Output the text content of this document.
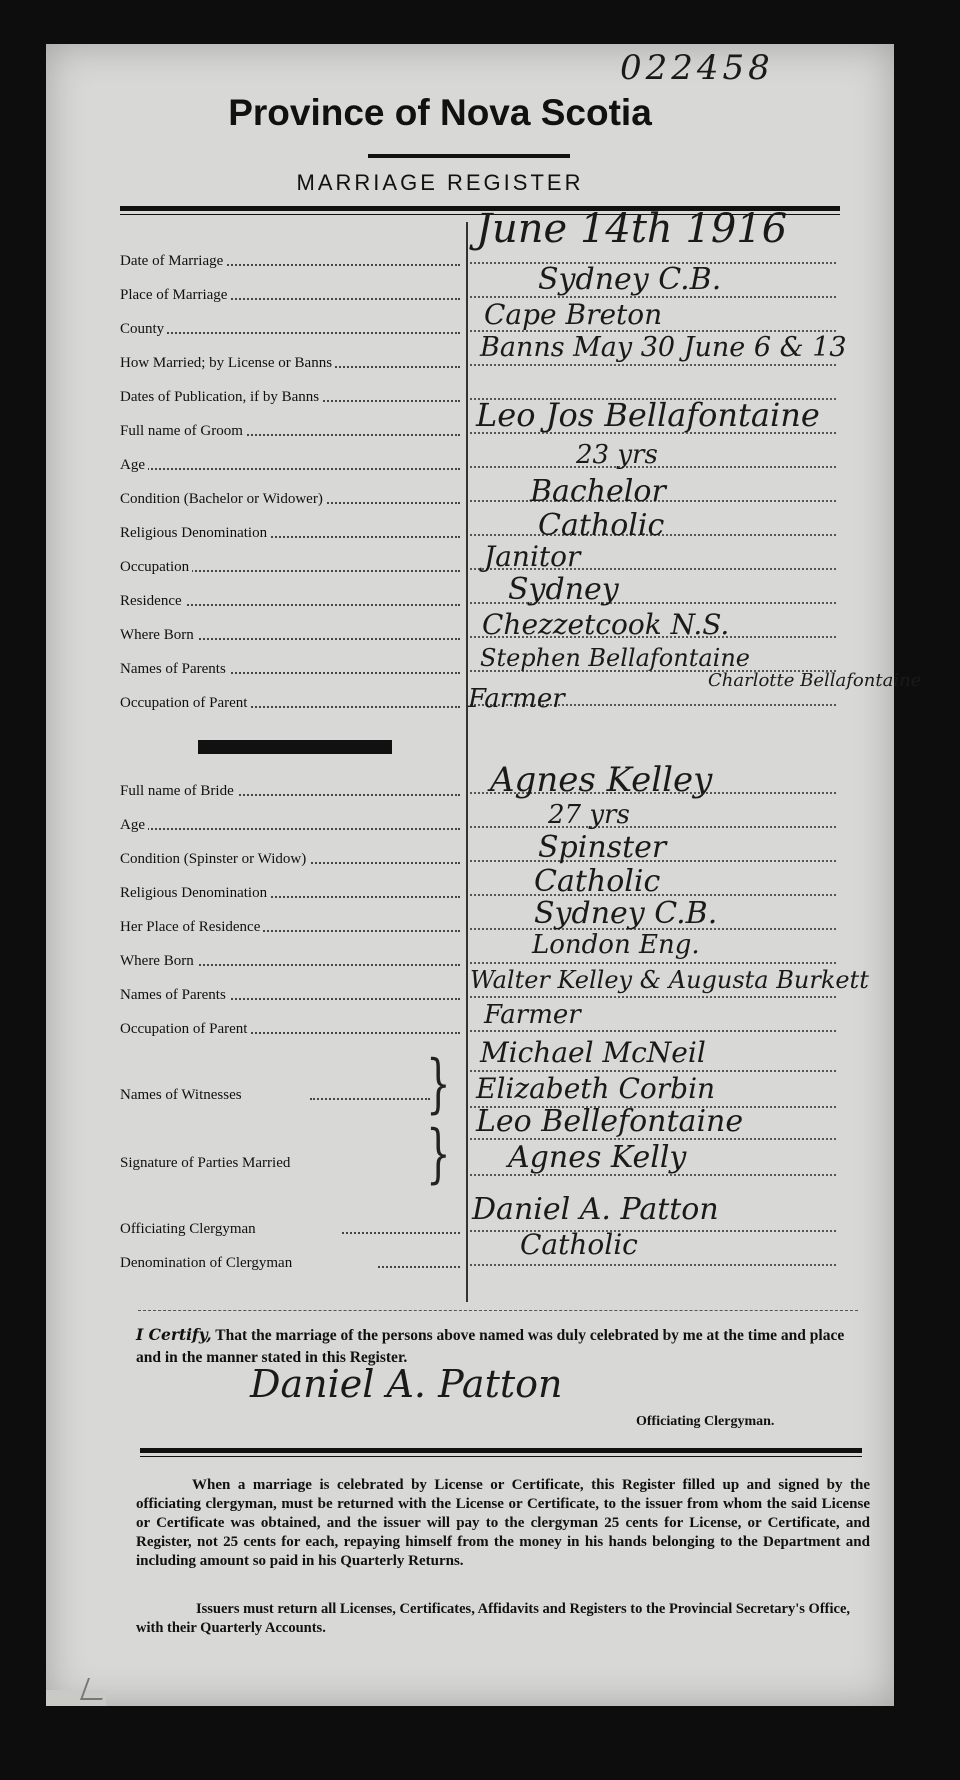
022458
Province of Nova Scotia
MARRIAGE REGISTER
Date of Marriage
Place of Marriage
County
How Married; by License or Banns
Dates of Publication, if by Banns
Full name of Groom
Age
Condition (Bachelor or Widower)
Religious Denomination
Occupation
Residence
Where Born
Names of Parents
Occupation of Parent
June 14th 1916
Sydney C.B.
Cape Breton
Banns May 30 June 6 & 13
Leo Jos Bellafontaine
23 yrs
Bachelor
Catholic
Janitor
Sydney
Chezzetcook N.S.
Stephen Bellafontaine
Charlotte Bellafontaine
Farmer
Full name of Bride
Age
Condition (Spinster or Widow)
Religious Denomination
Her Place of Residence
Where Born
Names of Parents
Occupation of Parent
Agnes Kelley
27 yrs
Spinster
Catholic
Sydney C.B.
London Eng.
Walter Kelley & Augusta Burkett
Farmer
Names of Witnesses	} Michael McNeil
Elizabeth Corbin
Signature of Parties Married } Leo Bellefontaine
Agnes Kelly
Officiating Clergyman
Denomination of Clergyman
Daniel A. Patton
Catholic
I Certify, That the marriage of the persons above named was duly celebrated by me at the time and place and in the manner stated in this Register.
Daniel A. Patton
Officiating Clergyman.
When a marriage is celebrated by License or Certificate, this Register filled up and signed by the officiating clergyman, must be returned with the License or Certificate, to the issuer from whom the said License or Certificate was obtained, and the issuer will pay to the clergyman 25 cents for License, or Certificate, and Register, not 25 cents for each, repaying himself from the money in his hands belonging to the Department and including amount so paid in his Quarterly Returns.
Issuers must return all Licenses, Certificates, Affidavits and Registers to the Provincial Secretary's Office, with their Quarterly Accounts.
